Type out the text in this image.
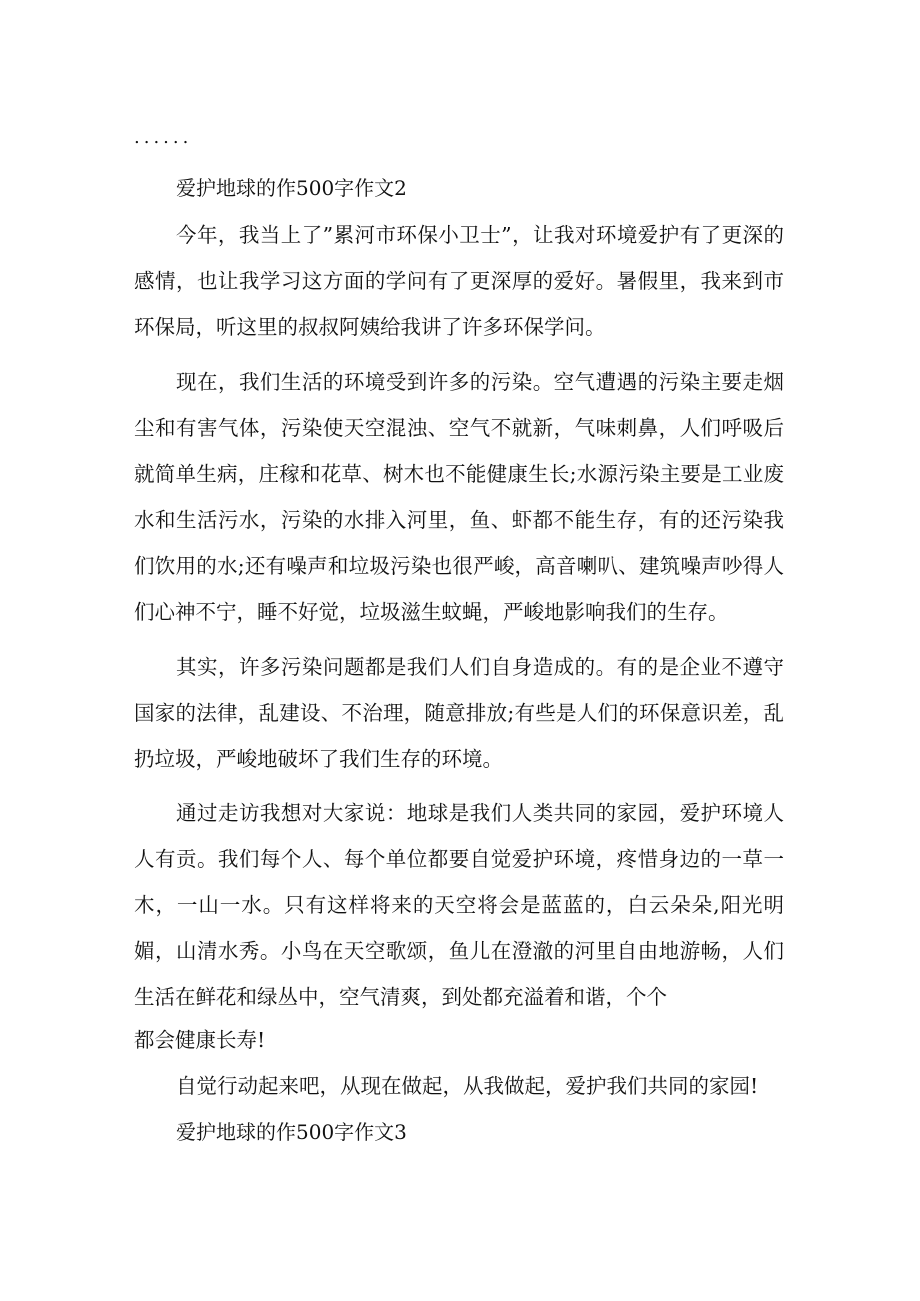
......
爱护地球的作500字作文2
今年，我当上了”累河市环保小卫士”，让我对环境爱护有了更深的感情，也让我学习这方面的学问有了更深厚的爱好。暑假里，我来到市环保局，听这里的叔叔阿姨给我讲了许多环保学问。
现在，我们生活的环境受到许多的污染。空气遭遇的污染主要走烟尘和有害气体，污染使天空混浊、空气不就新，气味刺鼻，人们呼吸后就简单生病，庄稼和花草、树木也不能健康生长;水源污染主要是工业废水和生活污水，污染的水排入河里，鱼、虾都不能生存，有的还污染我们饮用的水;还有噪声和垃圾污染也很严峻，高音喇叭、建筑噪声吵得人们心神不宁，睡不好觉，垃圾滋生蚊蝇，严峻地影响我们的生存。
其实，许多污染问题都是我们人们自身造成的。有的是企业不遵守国家的法律，乱建设、不治理，随意排放;有些是人们的环保意识差，乱扔垃圾，严峻地破坏了我们生存的环境。
通过走访我想对大家说：地球是我们人类共同的家园，爱护环境人人有贡。我们每个人、每个单位都要自觉爱护环境，疼惜身边的一草一木，一山一水。只有这样将来的天空将会是蓝蓝的，白云朵朵,阳光明媚，山清水秀。小鸟在天空歌颂，鱼儿在澄澈的河里自由地游畅，人们生活在鲜花和绿丛中，空气清爽，到处都充溢着和谐，个个
都会健康长寿!
自觉行动起来吧，从现在做起，从我做起，爱护我们共同的家园!
爱护地球的作500字作文3
